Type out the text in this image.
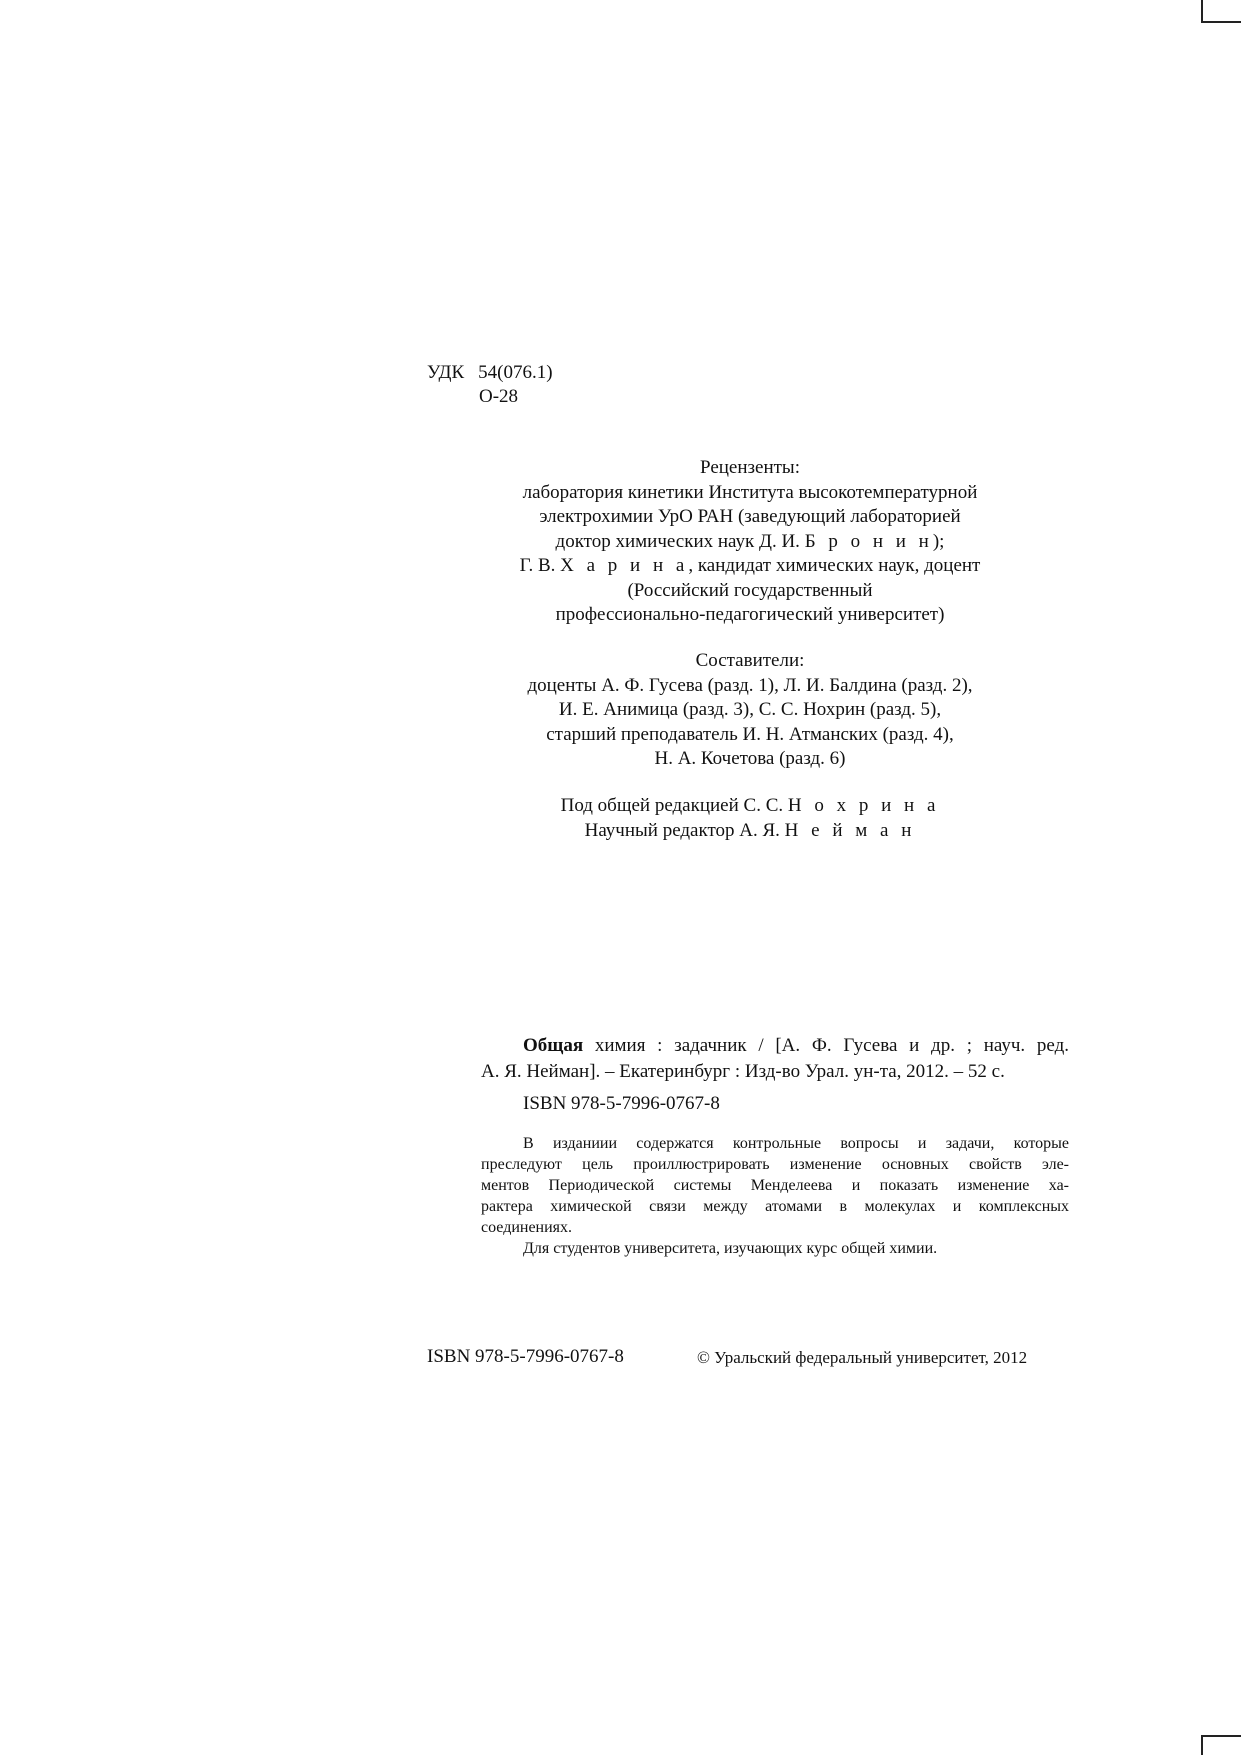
УДК 54(076.1)
О-28
Рецензенты:
лаборатория кинетики Института высокотемпературной
электрохимии УрО РАН (заведующий лабораторией
доктор химических наук Д. И. Б р о н и н);
Г. В. Х а р и н а, кандидат химических наук, доцент
(Российский государственный
профессионально-педагогический университет)
Составители:
доценты А. Ф. Гусева (разд. 1), Л. И. Балдина (разд. 2),
И. Е. Анимица (разд. 3), С. С. Нохрин (разд. 5),
старший преподаватель И. Н. Атманских (разд. 4),
Н. А. Кочетова (разд. 6)
Под общей редакцией С. С. Н о х р и н а
Научный редактор А. Я. Н е й м а н
Общая химия : задачник / [А. Ф. Гусева и др. ; науч. ред.
А. Я. Нейман]. – Екатеринбург : Изд-во Урал. ун-та, 2012. – 52 с.
ISBN 978-5-7996-0767-8
В изданиии содержатся контрольные вопросы и задачи, которые
преследуют цель проиллюстрировать изменение основных свойств эле-
ментов Периодической системы Менделеева и показать изменение ха-
рактера химической связи между атомами в молекулах и комплексных
соединениях.
Для студентов университета, изучающих курс общей химии.
ISBN 978-5-7996-0767-8	© Уральский федеральный университет, 2012
